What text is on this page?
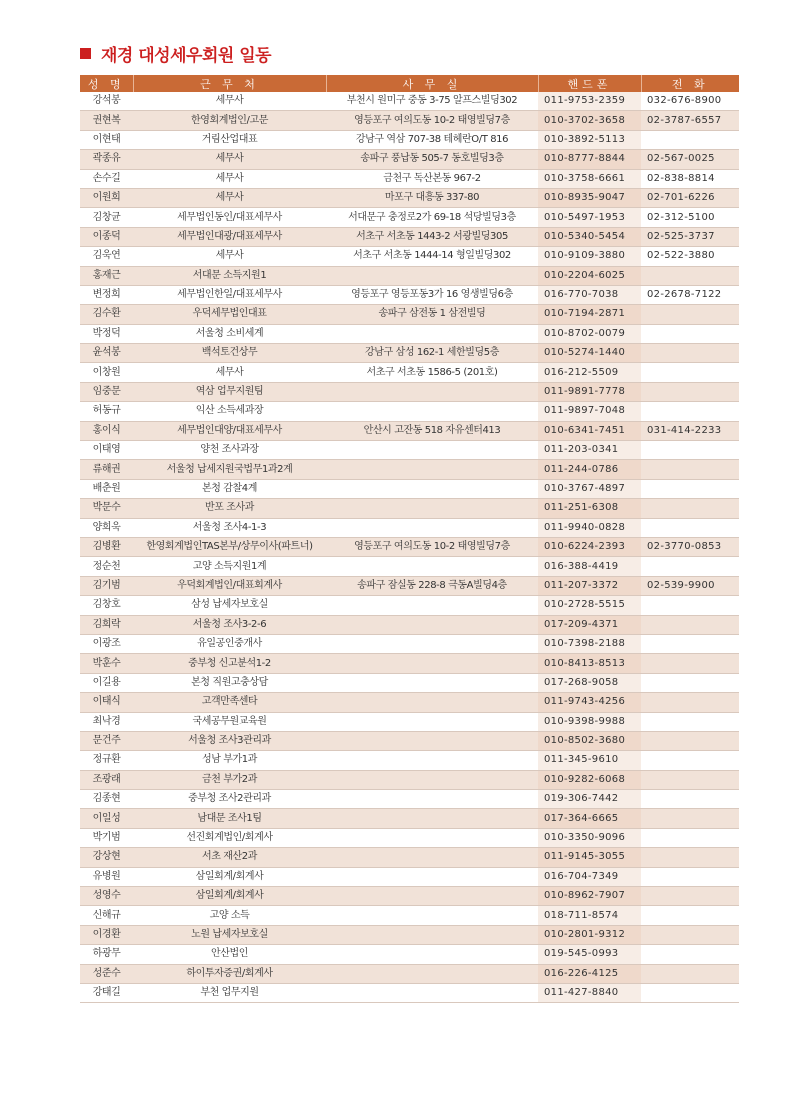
재경 대성세우회원 일동
성 명	근 무 처	사 무 실	핸드폰	전 화
강석봉	세무사	부천시 원미구 중동 3-75 알프스빌딩302	011-9753-2359	032-676-8900
권현복	한영회계법인/고문	영등포구 여의도동 10-2 태영빌딩7층	010-3702-3658	02-3787-6557
이현태	거림산업대표	강남구 역삼 707-38 테헤란O/T 816	010-3892-5113	
곽종유	세무사	송파구 풍납동 505-7 동호빌딩3층	010-8777-8844	02-567-0025
손수길	세무사	금천구 독산본동 967-2	010-3758-6661	02-838-8814
이원희	세무사	마포구 대흥동 337-80	010-8935-9047	02-701-6226
김창균	세무법인동인/대표세무사	서대문구 충정로2가 69-18 석당빌딩3층	010-5497-1953	02-312-5100
이종덕	세무법인대광/대표세무사	서초구 서초동 1443-2 서광빌딩305	010-5340-5454	02-525-3737
김욱연	세무사	서초구 서초동 1444-14 형일빌딩302	010-9109-3880	02-522-3880
홍재근	서대문 소득지원1		010-2204-6025	
변정희	세무법인한일/대표세무사	영등포구 영등포동3가 16 영생빌딩6층	016-770-7038	02-2678-7122
김수환	우덕세무법인대표	송파구 삼전동 1 삼전빌딩	010-7194-2871	
박정덕	서울청 소비세계		010-8702-0079	
윤석봉	백석토건상무	강남구 삼성 162-1 세한빌딩5층	010-5274-1440	
이창원	세무사	서초구 서초동 1586-5 (201호)	016-212-5509	
임중문	역삼 업무지원팀		011-9891-7778	
허동규	익산 소득세과장		011-9897-7048	
홍이식	세무법인대양/대표세무사	안산시 고잔동 518 자유센터413	010-6341-7451	031-414-2233
이태영	양천 조사과장		011-203-0341	
류해권	서울청 납세지원국법무1과2계		011-244-0786	
배춘원	본청 감찰4계		010-3767-4897	
박문수	반포 조사과		011-251-6308	
양희욱	서울청 조사4-1-3		011-9940-0828	
김병환	한영회계법인TAS본부/상무이사(파트너)	영등포구 여의도동 10-2 태영빌딩7층	010-6224-2393	02-3770-0853
정순천	고양 소득지원1계		016-388-4419	
김기범	우덕회계법인/대표회계사	송파구 잠실동 228-8 극동A빌딩4층	011-207-3372	02-539-9900
김창호	삼성 납세자보호실		010-2728-5515	
김희락	서울청 조사3-2-6		017-209-4371	
이광조	유일공인중개사		010-7398-2188	
박훈수	중부청 신고분석1-2		010-8413-8513	
이길용	본청 직원고충상담		017-268-9058	
이태식	고객만족센타		011-9743-4256	
최낙경	국세공무원교육원		010-9398-9988	
문건주	서울청 조사3관리과		010-8502-3680	
정규환	성남 부가1과		011-345-9610	
조광래	금천 부가2과		010-9282-6068	
김종현	중부청 조사2관리과		019-306-7442	
이일성	남대문 조사1팀		017-364-6665	
박기범	선진회계법인/회계사		010-3350-9096	
강상현	서초 재산2과		011-9145-3055	
유병원	삼일회계/회계사		016-704-7349	
성영수	삼일회계/회계사		010-8962-7907	
신해규	고양 소득		018-711-8574	
이경환	노원 납세자보호실		010-2801-9312	
하광무	안산법인		019-545-0993	
성준수	하이투자증권/회계사		016-226-4125	
강태길	부천 업무지원		011-427-8840	
